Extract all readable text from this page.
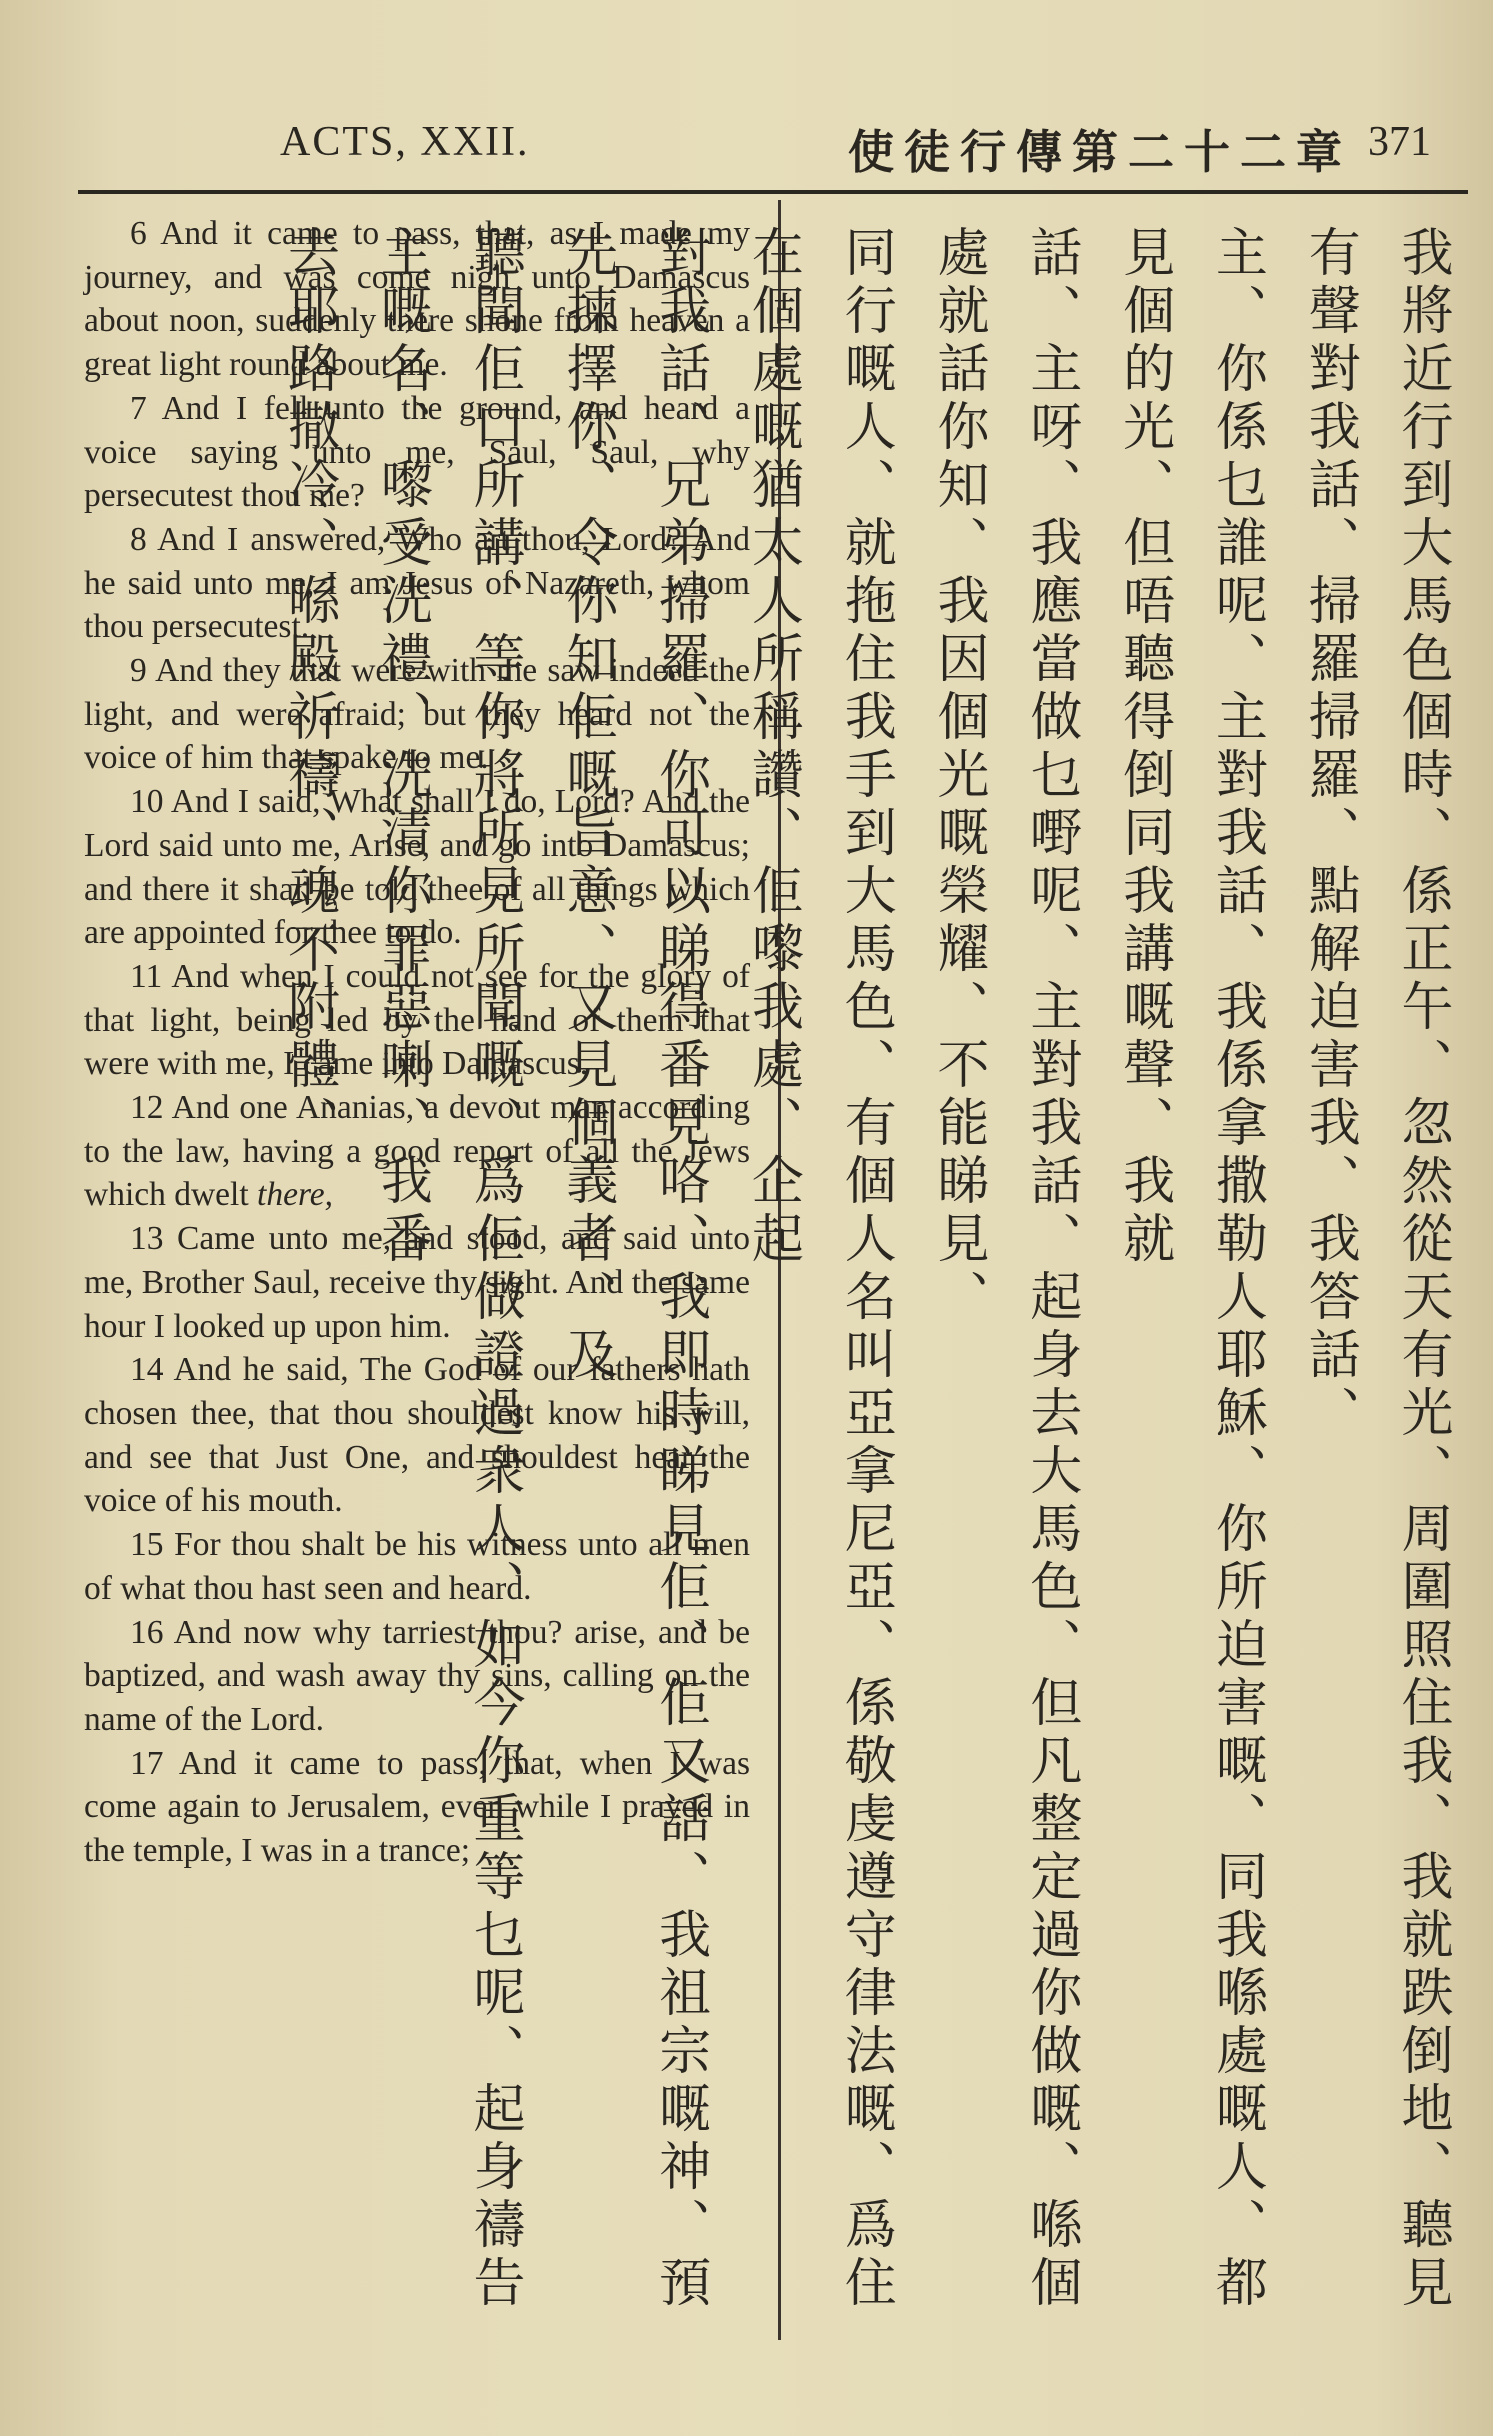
ACTS, XXII.	使徒行傳第二十二章 371

6 And it came to pass, that, as I made my journey, and was come nigh unto Damascus about noon, suddenly there shone from heaven a great light round about me.

7 And I fell unto the ground, and heard a voice saying unto me, Saul, Saul, why persecutest thou me?

8 And I answered, Who art thou, Lord? And he said unto me, I am Jesus of Nazareth, whom thou persecutest.

9 And they that were with me saw indeed the light, and were afraid; but they heard not the voice of him that spake to me.

10 And I said, What shall I do, Lord? And the Lord said unto me, Arise, and go into Damascus; and there it shall be told thee of all things which are appointed for thee to do.

11 And when I could not see for the glory of that light, being led by the hand of them that were with me, I came into Damascus.

12 And one Ananias, a devout man according to the law, having a good report of all the Jews which dwelt there,

13 Came unto me, and stood, and said unto me, Brother Saul, receive thy sight. And the same hour I looked up upon him.

14 And he said, The God of our fathers hath chosen thee, that thou shouldest know his will, and see that Just One, and shouldest hear the voice of his mouth.

15 For thou shalt be his witness unto all men of what thou hast seen and heard.

16 And now why tarriest thou? arise, and be baptized, and wash away thy sins, calling on the name of the Lord.

17 And it came to pass, that, when I was come again to Jerusalem, even while I prayed in the temple, I was in a trance;	我將近行到大馬色個時、係正午、忽然從天有光、周圍照住我、我就跌倒地、聽見有聲對我話、掃羅掃羅、點解迫害我、我答話、

主、你係乜誰呢、主對我話、我係拿撒勒人耶穌、你所迫害嘅、同我喺處嘅人、都見個的光、但唔聽得倒同我講嘅聲、我就

話、主呀、我應當做乜嘢呢、主對我話、起身去大馬色、但凡整定過你做嘅、喺個處就話你知、我因個光嘅榮耀、不能睇見、

同行嘅人、就拖住我手到大馬色、有個人名叫亞拿尼亞、係敬虔遵守律法嘅、爲住在個處嘅猶太人所稱讚、佢嚟我處、企起

對我話、兄弟掃羅、你可以睇得番見咯、我即時睇見佢、佢又話、我祖宗嘅神、預先揀擇你、令你知佢嘅旨意、又見個義者、及

聽聞佢口所講、等你將所見所聞嘅、爲佢做證過衆人、如今你重等乜呢、起身禱告主嘅名、嚟受洗禮、洗清你罪惡喇、我番

去耶路撒冷、喺殿祈禱、魂不附體、
